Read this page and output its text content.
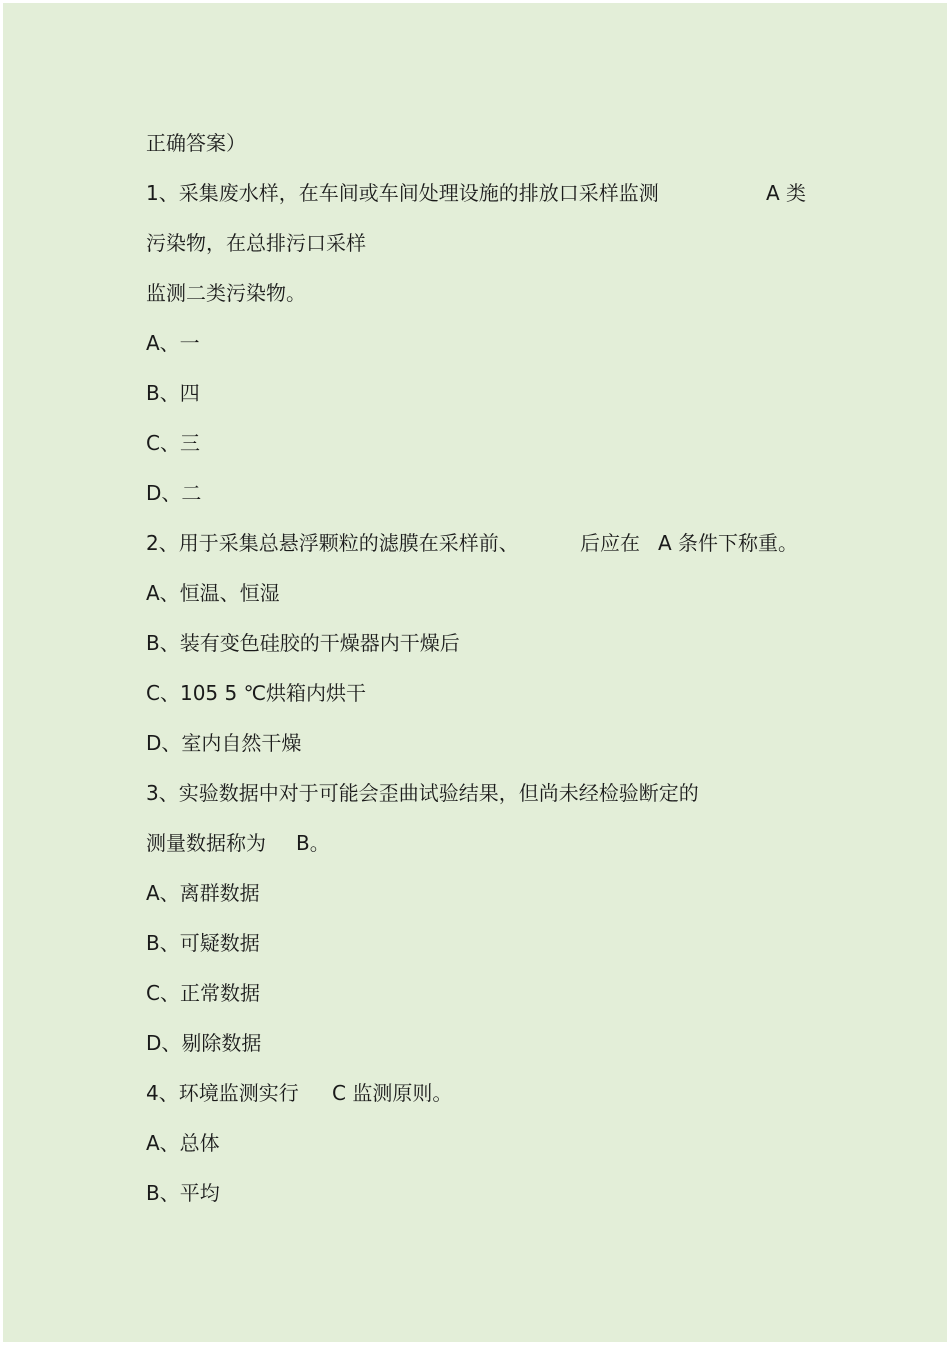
正确答案）
1、采集废水样，在车间或车间处理设施的排放口采样监测	A 类
污染物，在总排污口采样
监测二类污染物。
A、一
B、四
C、三
D、二
2、用于采集总悬浮颗粒的滤膜在采样前、	后应在 A 条件下称重。
A、恒温、恒湿
B、装有变色硅胶的干燥器内干燥后
C、105 5 ℃烘箱内烘干
D、室内自然干燥
3、实验数据中对于可能会歪曲试验结果，但尚未经检验断定的
测量数据称为 B。
A、离群数据
B、可疑数据
C、正常数据
D、剔除数据
4、环境监测实行 C 监测原则。
A、总体
B、平均
